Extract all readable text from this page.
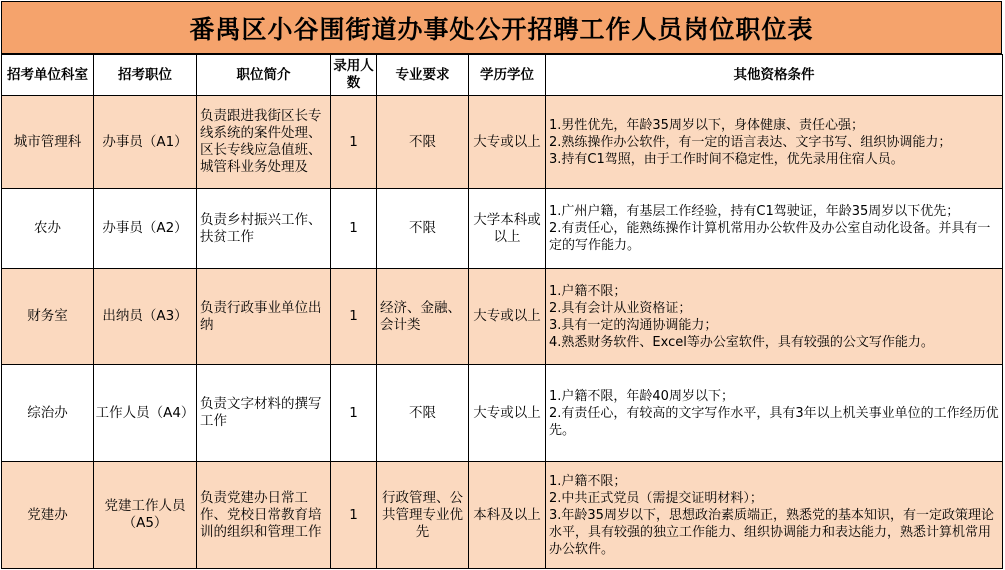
番禺区小谷围街道办事处公开招聘工作人员岗位职位表
招考单位科室	招考职位	职位简介	录用人数	专业要求	学历学位	其他资格条件
城市管理科	办事员（A1）	负责跟进我街区长专线系统的案件处理、区长专线应急值班、城管科业务处理及	1	不限	大专或以上	1.男性优先，年龄35周岁以下，身体健康、责任心强；
2.熟练操作办公软件，有一定的语言表达、文字书写、组织协调能力；
3.持有C1驾照，由于工作时间不稳定性，优先录用住宿人员。

农办	办事员（A2）	负责乡村振兴工作、扶贫工作	1	不限	大学本科或以上	1.广州户籍，有基层工作经验，持有C1驾驶证，年龄35周岁以下优先；
2.有责任心，能熟练操作计算机常用办公软件及办公室自动化设备。并具有一定的写作能力。

财务室	出纳员（A3）	负责行政事业单位出纳	1	经济、金融、会计类	大专或以上	1.户籍不限；
2.具有会计从业资格证；
3.具有一定的沟通协调能力；
4.熟悉财务软件、Excel等办公室软件，具有较强的公文写作能力。

综治办	工作人员（A4）	负责文字材料的撰写工作	1	不限	大专或以上	1.户籍不限，年龄40周岁以下；
2.有责任心，有较高的文字写作水平，具有3年以上机关事业单位的工作经历优先。

党建办	党建工作人员（A5）	负责党建办日常工作、党校日常教育培训的组织和管理工作	1	行政管理、公共管理专业优先	本科及以上	1.户籍不限；
2.中共正式党员（需提交证明材料）；
3.年龄35周岁以下，思想政治素质端正，熟悉党的基本知识，有一定政策理论水平，具有较强的独立工作能力、组织协调能力和表达能力，熟悉计算机常用办公软件。
